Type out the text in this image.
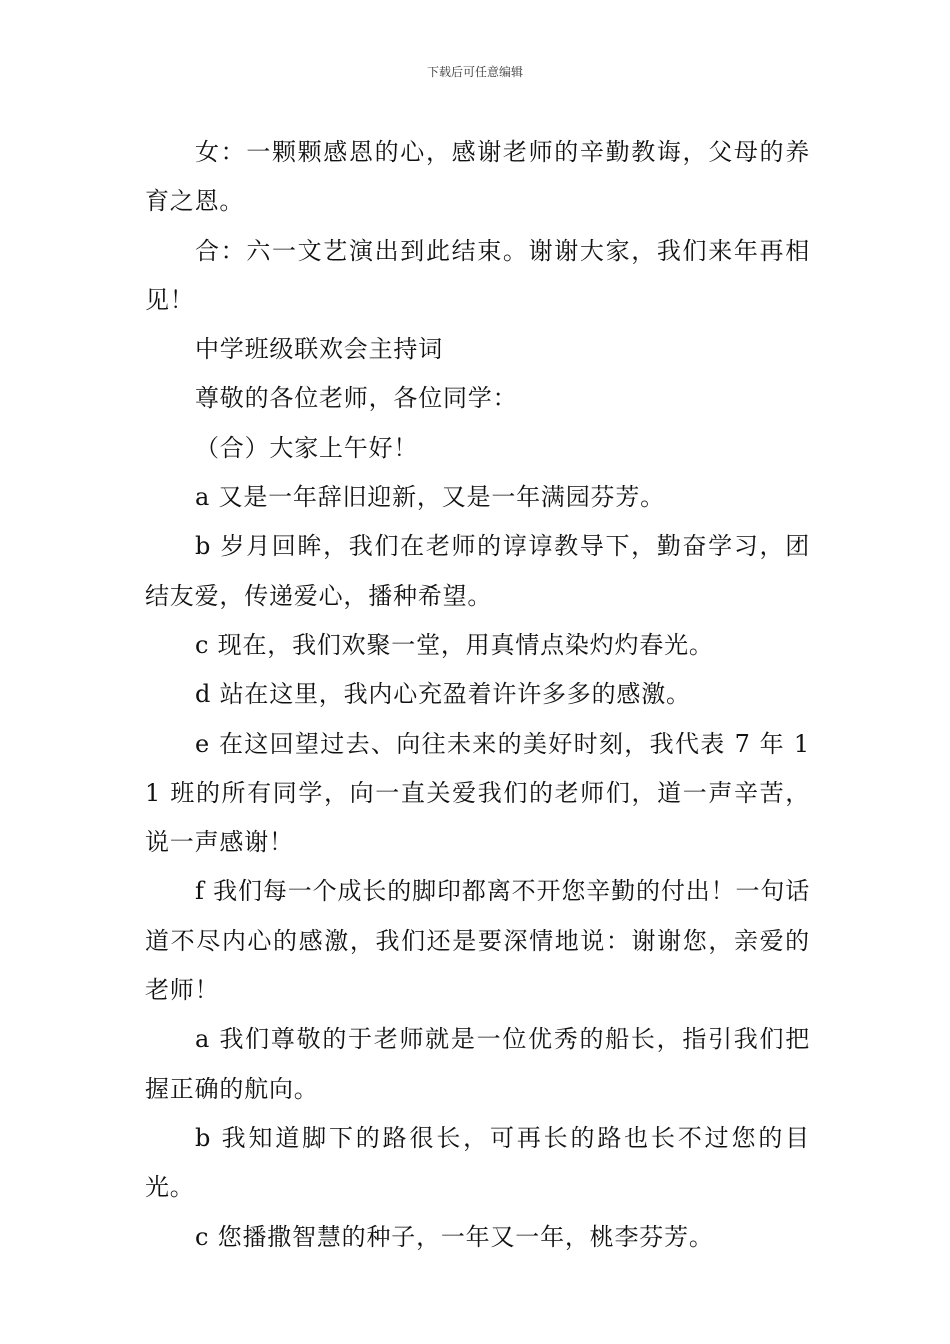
下载后可任意编辑

女：一颗颗感恩的心，感谢老师的辛勤教诲，父母的养育之恩。

合：六一文艺演出到此结束。谢谢大家，我们来年再相见！

中学班级联欢会主持词

尊敬的各位老师，各位同学：

（合）大家上午好！

a 又是一年辞旧迎新，又是一年满园芬芳。

b 岁月回眸，我们在老师的谆谆教导下，勤奋学习，团结友爱，传递爱心，播种希望。

c 现在，我们欢聚一堂，用真情点染灼灼春光。

d 站在这里，我内心充盈着许许多多的感激。

e 在这回望过去、向往未来的美好时刻，我代表 7 年 11 班的所有同学，向一直关爱我们的老师们，道一声辛苦，说一声感谢！

f 我们每一个成长的脚印都离不开您辛勤的付出！一句话道不尽内心的感激，我们还是要深情地说：谢谢您，亲爱的老师！

a 我们尊敬的于老师就是一位优秀的船长，指引我们把握正确的航向。

b 我知道脚下的路很长，可再长的路也长不过您的目光。

c 您播撒智慧的种子，一年又一年，桃李芬芳。
